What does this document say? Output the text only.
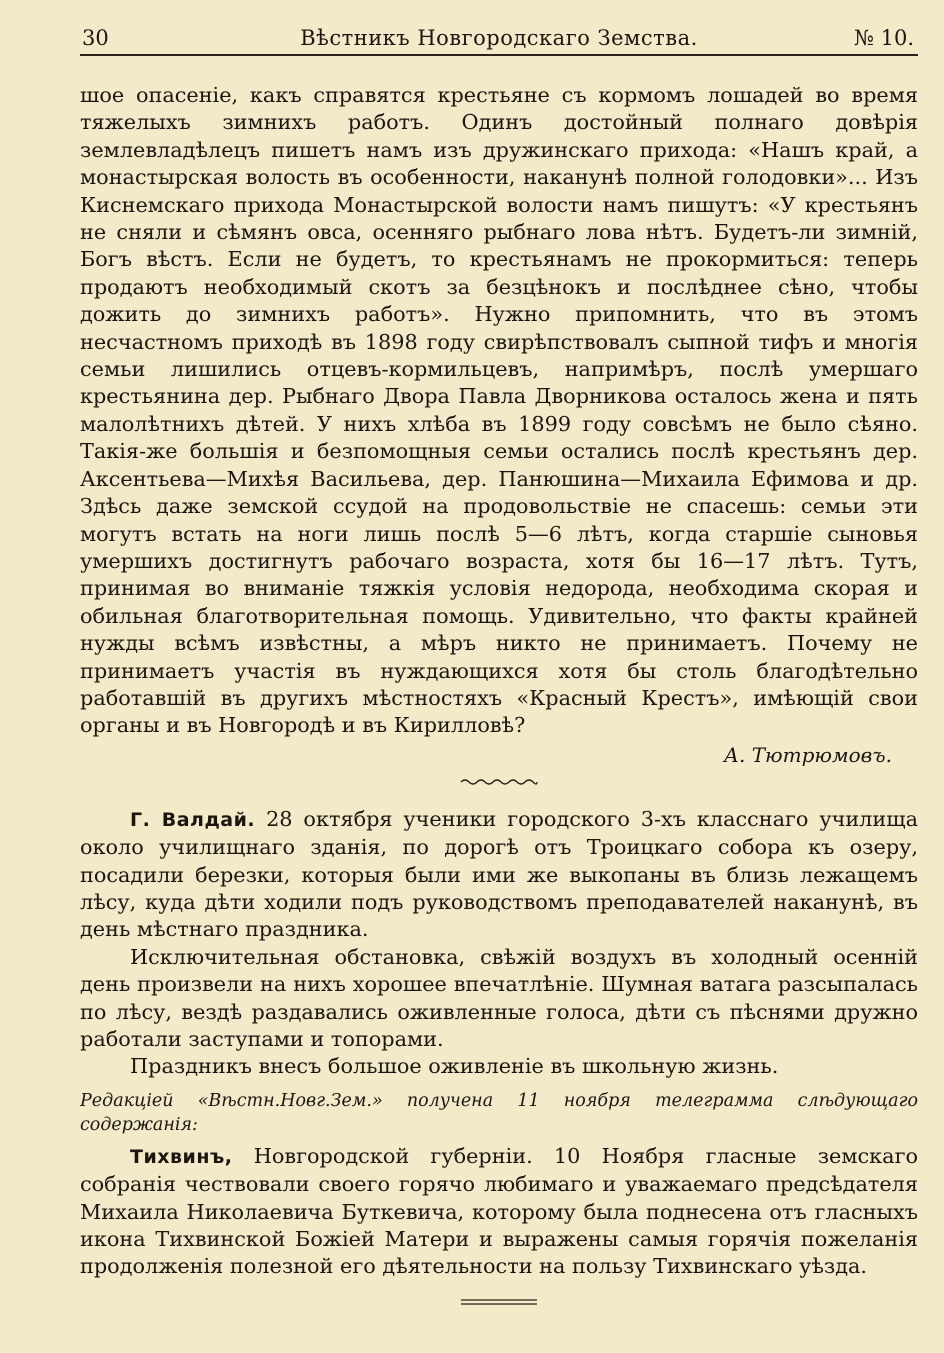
30	Вѣстникъ Новгородскаго Земства.	№ 10.

шое опасеніе, какъ справятся крестьяне съ кормомъ лошадей во время тяжелыхъ зимнихъ работъ. Одинъ достойный полнаго довѣрія землевладѣлецъ пишетъ намъ изъ дружинскаго прихода: «Нашъ край, а монастырская волость въ особенности, наканунѣ полной голодовки»... Изъ Киснемскаго прихода Монастырской волости намъ пишутъ: «У крестьянъ не сняли и сѣмянъ овса, осенняго рыбнаго лова нѣтъ. Будетъ-ли зимній, Богъ вѣстъ. Если не будетъ, то крестьянамъ не прокормиться: теперь продаютъ необходимый скотъ за безцѣнокъ и послѣднее сѣно, чтобы дожить до зимнихъ работъ». Нужно припомнить, что въ этомъ несчастномъ приходѣ въ 1898 году свирѣпствовалъ сыпной тифъ и многія семьи лишились отцевъ-кормильцевъ, напримѣръ, послѣ умершаго крестьянина дер. Рыбнаго Двора Павла Дворникова осталось жена и пять малолѣтнихъ дѣтей. У нихъ хлѣба въ 1899 году совсѣмъ не было сѣяно. Такія-же большія и безпомощныя семьи остались послѣ крестьянъ дер. Аксентьева—Михѣя Васильева, дер. Панюшина—Михаила Ефимова и др. Здѣсь даже земской ссудой на продовольствіе не спасешь: семьи эти могутъ встать на ноги лишь послѣ 5—6 лѣтъ, когда старшіе сыновья умершихъ достигнутъ рабочаго возраста, хотя бы 16—17 лѣтъ. Тутъ, принимая во вниманіе тяжкія условія недорода, необходима скорая и обильная благотворительная помощь. Удивительно, что факты крайней нужды всѣмъ извѣстны, а мѣръ никто не принимаетъ. Почему не принимаетъ участія въ нуждающихся хотя бы столь благодѣтельно работавшій въ другихъ мѣстностяхъ «Красный Крестъ», имѣющій свои органы и въ Новгородѣ и въ Кирилловѣ?

А. Тютрюмовъ.

Г. Валдай. 28 октября ученики городского 3-хъ класснаго училища около училищнаго зданія, по дорогѣ отъ Троицкаго собора къ озеру, посадили березки, которыя были ими же выкопаны въ близь лежащемъ лѣсу, куда дѣти ходили подъ руководствомъ преподавателей наканунѣ, въ день мѣстнаго праздника.

Исключительная обстановка, свѣжій воздухъ въ холодный осенній день произвели на нихъ хорошее впечатлѣніе. Шумная ватага разсыпалась по лѣсу, вездѣ раздавались оживленные голоса, дѣти съ пѣснями дружно работали заступами и топорами.

Праздникъ внесъ большое оживленіе въ школьную жизнь.

Редакціей «Вѣстн.Новг.Зем.» получена 11 ноября телеграмма слѣдующаго содержанія:

Тихвинъ, Новгородской губерніи. 10 Ноября гласные земскаго собранія чествовали своего горячо любимаго и уважаемаго предсѣдателя Михаила Николаевича Буткевича, которому была поднесена отъ гласныхъ икона Тихвинской Божіей Матери и выражены самыя горячія пожеланія продолженія полезной его дѣятельности на пользу Тихвинскаго уѣзда.
